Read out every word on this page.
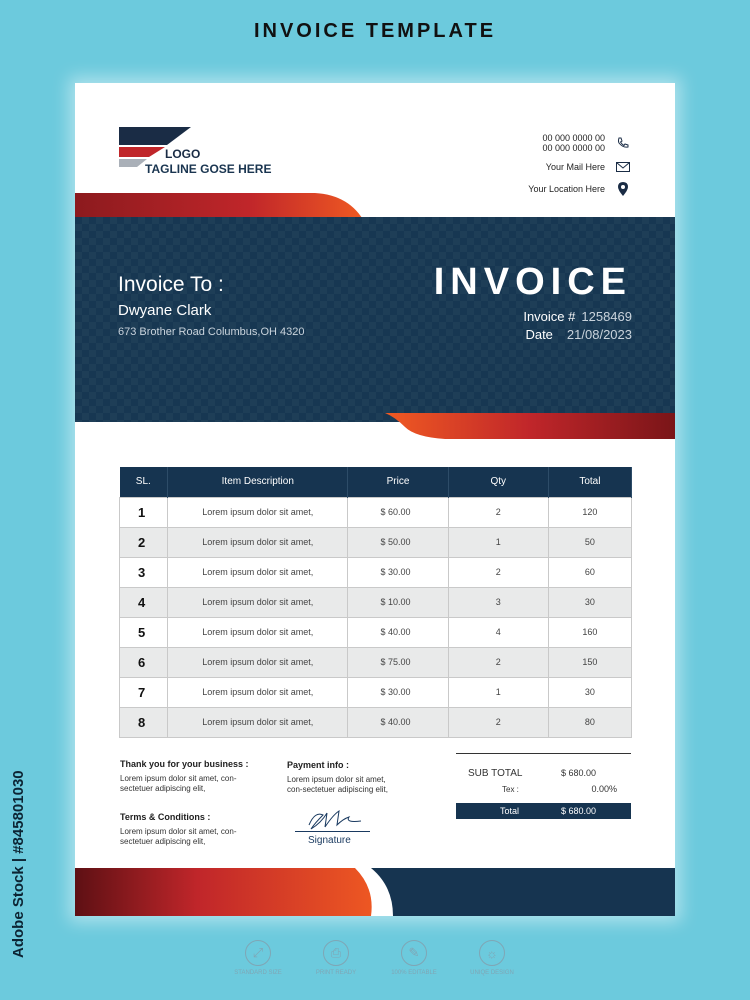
INVOICE TEMPLATE
LOGO
TAGLINE GOSE HERE
00 000 0000 00
00 000 0000 00
Your Mail Here
Your Location Here
Invoice To :
Dwyane Clark
673 Brother Road Columbus,OH 4320
INVOICE
Invoice # 1258469
Date 21/08/2023
SL.	Item Description	Price	Qty	Total
1	Lorem ipsum dolor sit amet,	$ 60.00	2	120
2	Lorem ipsum dolor sit amet,	$ 50.00	1	50
3	Lorem ipsum dolor sit amet,	$ 30.00	2	60
4	Lorem ipsum dolor sit amet,	$ 10.00	3	30
5	Lorem ipsum dolor sit amet,	$ 40.00	4	160
6	Lorem ipsum dolor sit amet,	$ 75.00	2	150
7	Lorem ipsum dolor sit amet,	$ 30.00	1	30
8	Lorem ipsum dolor sit amet,	$ 40.00	2	80
Thank you for your business :
Lorem ipsum dolor sit amet, con-sectetuer adipiscing elit,
Terms & Conditions :
Lorem ipsum dolor sit amet, con-sectetuer adipiscing elit,
Payment info :
Lorem ipsum dolor sit amet, con-sectetuer adipiscing elit,
Signature
SUB TOTAL	$ 680.00
Tex :	0.00%
Total	$ 680.00
Adobe Stock | #845801030	⤢
STANDARD SIZE
⎙
PRINT READY
✎
100% EDITABLE
☼
UNIQE DESIGN
